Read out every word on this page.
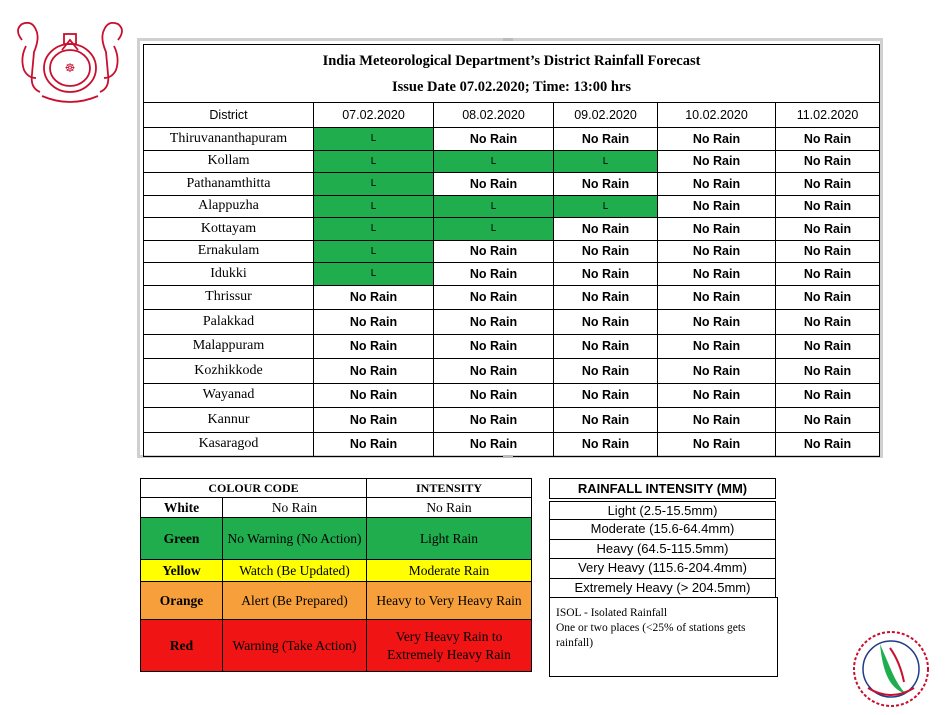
☸	India Meteorological Department’s District Rainfall Forecast
Issue Date 07.02.2020; Time: 13:00 hrs					

District	07.02.2020	08.02.2020	09.02.2020	10.02.2020	11.02.2020
Thiruvananthapuram	L	No Rain	No Rain	No Rain	No Rain
Kollam	L	L	L	No Rain	No Rain
Pathanamthitta	L	No Rain	No Rain	No Rain	No Rain
Alappuzha	L	L	L	No Rain	No Rain
Kottayam	L	L	No Rain	No Rain	No Rain
Ernakulam	L	No Rain	No Rain	No Rain	No Rain
Idukki	L	No Rain	No Rain	No Rain	No Rain
Thrissur	No Rain	No Rain	No Rain	No Rain	No Rain
Palakkad	No Rain	No Rain	No Rain	No Rain	No Rain
Malappuram	No Rain	No Rain	No Rain	No Rain	No Rain
Kozhikkode	No Rain	No Rain	No Rain	No Rain	No Rain
Wayanad	No Rain	No Rain	No Rain	No Rain	No Rain
Kannur	No Rain	No Rain	No Rain	No Rain	No Rain
Kasaragod	No Rain	No Rain	No Rain	No Rain	No Rain
COLOUR CODE		INTENSITY
White	No Rain	No Rain
Green	No Warning (No Action)	Light Rain
Yellow	Watch (Be Updated)	Moderate Rain
Orange	Alert (Be Prepared)	Heavy to Very Heavy Rain
Red	Warning (Take Action)	Very Heavy Rain to Extremely Heavy Rain
RAINFALL INTENSITY (MM)
Light (2.5-15.5mm)
Moderate (15.6-64.4mm)
Heavy (64.5-115.5mm)
Very Heavy (115.6-204.4mm)
Extremely Heavy (> 204.5mm)
ISOL - Isolated Rainfall
One or two places (<25% of stations gets rainfall)
